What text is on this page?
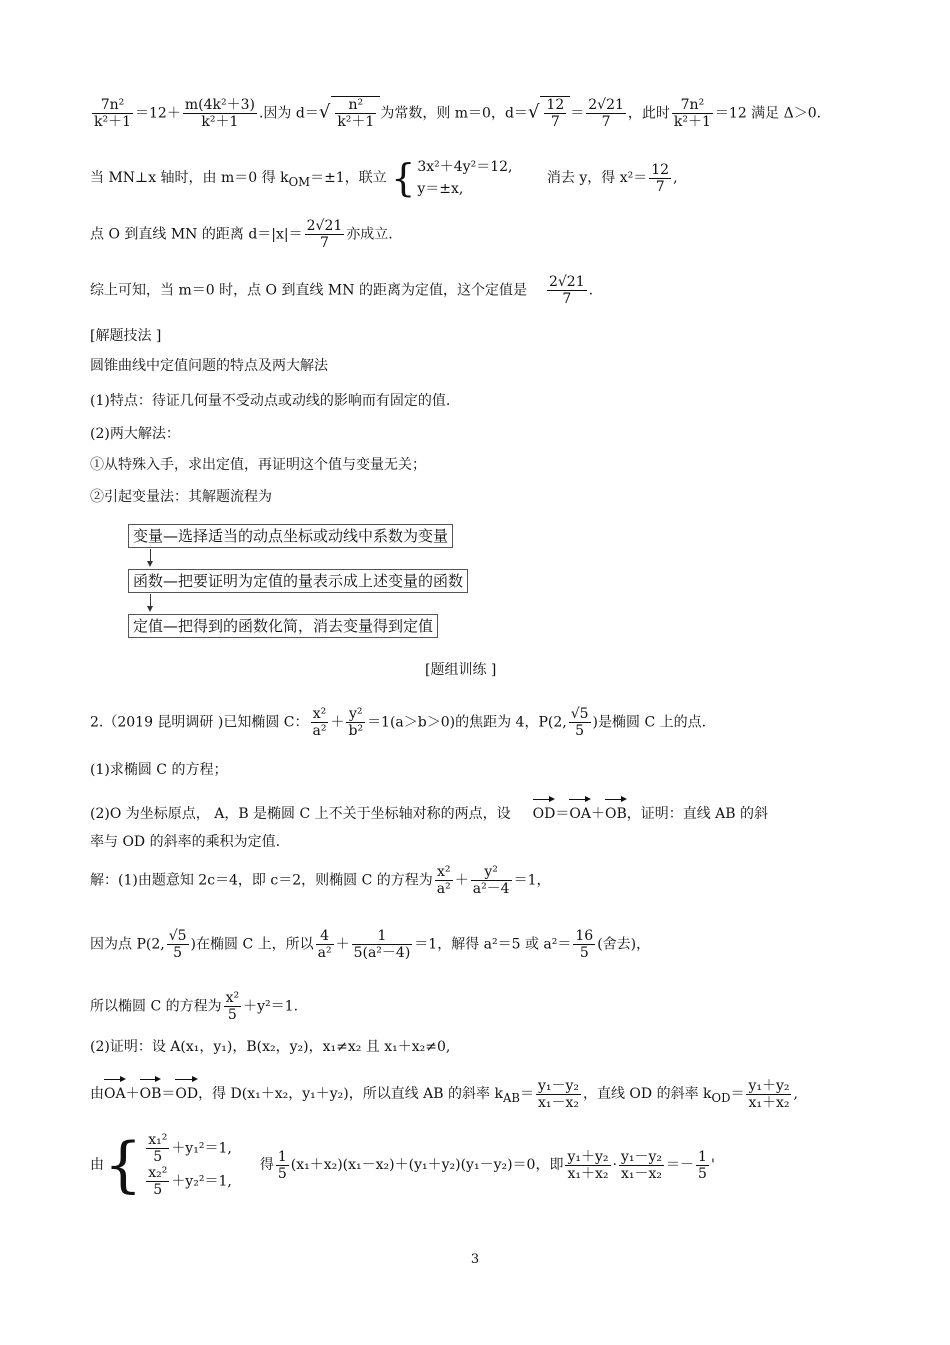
$\frac{\text{7n²}}{\text{k²＋1}} =12+ \frac{\text{m(4k²＋3)}}{\text{k²＋1}}$ .因为 $d=√ \frac{\text{n²}}{\text{k²＋1}}$ 为常数，则 m＝0，$d=√ \frac{12}{7} = \frac{2√21}{7}$ ，此时 $\frac{\text{7n²}}{\text{k²＋1}} =12$ 满足 Δ＞0.
当 MN⊥x 轴时，由 m＝0 得 $k_{OM}=\pm 1$，联立 { 3x²＋4y²＝12,
y＝±x,
消去 y，得 $x^2= \frac{12}{7}$ ,
点 O 到直线 MN 的距离 $d=|x|= \frac{2√21}{7}$ 亦成立.
综上可知，当 m＝0 时，点 O 到直线 MN 的距离为定值，这个定值是 $\frac{2√21}{7}$ .
[解题技法 ]
圆锥曲线中定值问题的特点及两大解法
(1)特点：待证几何量不受动点或动线的影响而有固定的值.
(2)两大解法：
①从特殊入手，求出定值，再证明这个值与变量无关；
②引起变量法：其解题流程为
变量—选择适当的动点坐标或动线中系数为变量
函数—把要证明为定值的量表示成上述变量的函数
定值—把得到的函数化简，消去变量得到定值
[题组训练 ]
2.（2019 昆明调研 )已知椭圆 C： $\frac{\text{x²}}{\text{a²}} + \frac{\text{y²}}{\text{b²}} =1(a>b>0)$的焦距为 4，P(2, $\frac{√5}{5}$ )是椭圆 C 上的点.
(1)求椭圆 C 的方程；
(2)O 为坐标原点， A，B 是椭圆 C 上不关于坐标轴对称的两点，设 OD＝OA＋OB，证明：直线 AB 的斜
率与 OD 的斜率的乘积为定值.
解：(1)由题意知 2c＝4，即 c＝2，则椭圆 C 的方程为 $\frac{\text{x²}}{\text{a²}} + \frac{\text{y²}}{\text{a²－4}} =1$，
因为点 P(2, $\frac{√5}{5}$ )在椭圆 C 上，所以 $\frac{4}{\text{a²}} + \frac{1}{\text{5(a²－4)}} =1$，解得 a²＝5 或 $a^2= \frac{16}{5}$ (舍去)，
所以椭圆 C 的方程为 $\frac{\text{x²}}{5} +y^2=1$.
(2)证明：设 A(x₁，y₁)，B(x₂，y₂)，x₁≠x₂ 且 x₁＋x₂≠0,
由OA＋OB＝OD，得 D(x₁＋x₂，y₁＋y₂)，所以直线 AB 的斜率 $k_{AB}= \frac{\text{y₁－y₂}}{\text{x₁－x₂}}$ ，直线 OD 的斜率 $k_{OD}= \frac{\text{y₁＋y₂}}{\text{x₁＋x₂}}$ ,
由{ $\frac{\text{x₁²}}{5} +y_1^2=1$,
$\frac{\text{x₂²}}{5} +y_2^2=1$,
得 $\frac{1}{5} (x_1+x_2)(x_1-x_2)+(y_1+y_2)(y_1-y_2)=0$，即 $\frac{\text{y₁＋y₂}}{\text{x₁＋x₂}} \cdot \frac{\text{y₁－y₂}}{\text{x₁－x₂}} =- \frac{1}{5}$ '
3
